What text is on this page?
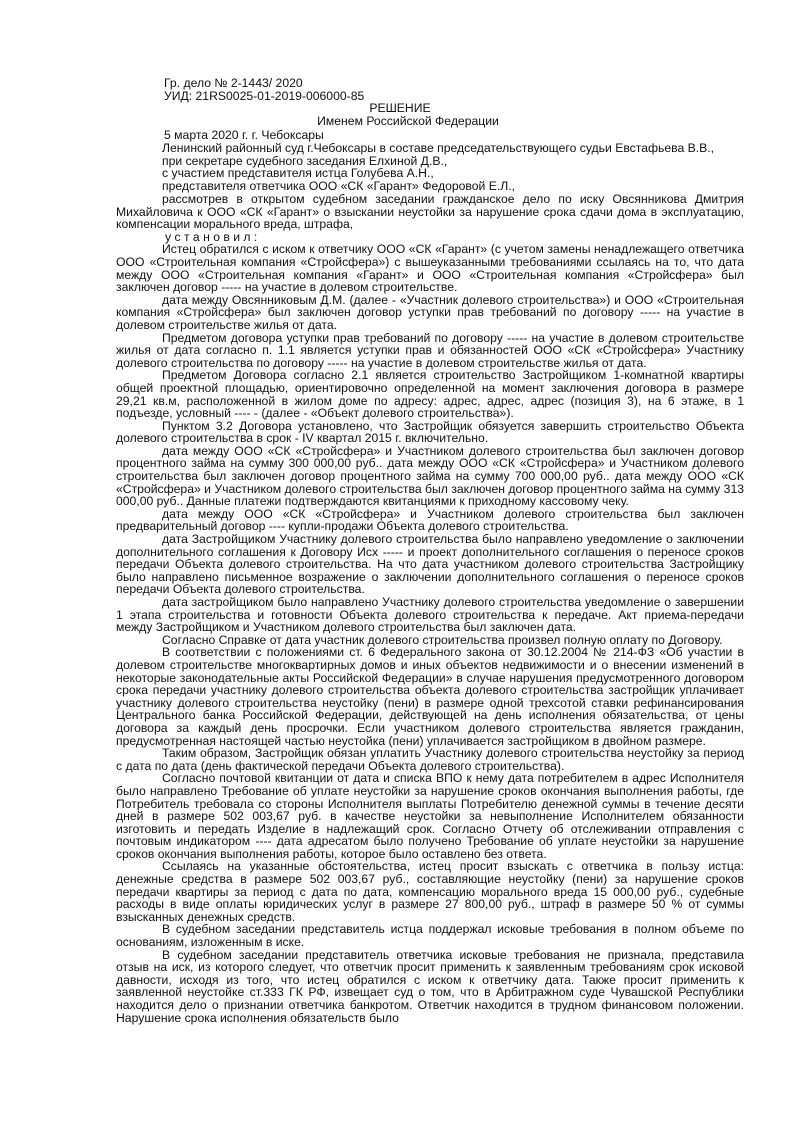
Гр. дело № 2-1443/ 2020
УИД: 21RS0025-01-2019-006000-85
РЕШЕНИЕ
Именем Российской Федерации
5 марта 2020 г. г. Чебоксары
Ленинский районный суд г.Чебоксары в составе председательствующего судьи Евстафьева В.В.,
при секретаре судебного заседания Елхиной Д.В.,
с участием представителя истца Голубева А.Н.,
представителя ответчика ООО «СК «Гарант» Федоровой Е.Л.,

рассмотрев в открытом судебном заседании гражданское дело по иску Овсянникова Дмитрия Михайловича к ООО «СК «Гарант» о взыскании неустойки за нарушение срока сдачи дома в эксплуатацию, компенсации морального вреда, штрафа,

у с т а н о в и л :

Истец обратился с иском к ответчику ООО «СК «Гарант» (с учетом замены ненадлежащего ответчика ООО «Строительная компания «Стройсфера») с вышеуказанными требованиями ссылаясь на то, что дата между ООО «Строительная компания «Гарант» и ООО «Строительная компания «Стройсфера» был заключен договор ----- на участие в долевом строительстве.

дата между Овсянниковым Д.М. (далее - «Участник долевого строительства») и ООО «Строительная компания «Стройсфера» был заключен договор уступки прав требований по договору ----- на участие в долевом строительстве жилья от дата.

Предметом договора уступки прав требований по договору ----- на участие в долевом строительстве жилья от дата согласно п. 1.1 является уступки прав и обязанностей ООО «СК «Стройсфера» Участнику долевого строительства по договору ----- на участие в долевом строительстве жилья от дата.

Предметом Договора согласно 2.1 является строительство Застройщиком 1-комнатной квартиры общей проектной площадью, ориентировочно определенной на момент заключения договора в размере 29,21 кв.м, расположенной в жилом доме по адресу: адрес, адрес, адрес (позиция 3), на 6 этаже, в 1 подъезде, условный ---- - (далее - «Объект долевого строительства»).

Пунктом 3.2 Договора установлено, что Застройщик обязуется завершить строительство Объекта долевого строительства в срок - IV квартал 2015 г. включительно.

дата между ООО «СК «Стройсфера» и Участником долевого строительства был заключен договор процентного займа на сумму 300 000,00 руб.. дата между ООО «СК «Стройсфера» и Участником долевого строительства был заключен договор процентного займа на сумму 700 000,00 руб.. дата между ООО «СК «Стройсфера» и Участником долевого строительства был заключен договор процентного займа на сумму 313 000,00 руб.. Данные платежи подтверждаются квитанциями к приходному кассовому чеку.

дата между ООО «СК «Стройсфера» и Участником долевого строительства был заключен предварительный договор ---- купли-продажи Объекта долевого строительства.

дата Застройщиком Участнику долевого строительства было направлено уведомление о заключении дополнительного соглашения к Договору Исх ----- и проект дополнительного соглашения о переносе сроков передачи Объекта долевого строительства. На что дата участником долевого строительства Застройщику было направлено письменное возражение о заключении дополнительного соглашения о переносе сроков передачи Объекта долевого строительства.

дата застройщиком было направлено Участнику долевого строительства уведомление о завершении 1 этапа строительства и готовности Объекта долевого строительства к передаче. Акт приема-передачи между Застройщиком и Участником долевого строительства был заключен дата.

Согласно Справке от дата участник долевого строительства произвел полную оплату по Договору.

В соответствии с положениями ст. 6 Федерального закона от 30.12.2004 № 214-ФЗ «Об участии в долевом строительстве многоквартирных домов и иных объектов недвижимости и о внесении изменений в некоторые законодательные акты Российской Федерации» в случае нарушения предусмотренного договором срока передачи участнику долевого строительства объекта долевого строительства застройщик уплачивает участнику долевого строительства неустойку (пени) в размере одной трехсотой ставки рефинансирования Центрального банка Российской Федерации, действующей на день исполнения обязательства, от цены договора за каждый день просрочки. Если участником долевого строительства является гражданин, предусмотренная настоящей частью неустойка (пени) уплачивается застройщиком в двойном размере.

Таким образом, Застройщик обязан уплатить Участнику долевого строительства неустойку за период с дата по дата (день фактической передачи Объекта долевого строительства).

Согласно почтовой квитанции от дата и списка ВПО к нему дата потребителем в адрес Исполнителя было направлено Требование об уплате неустойки за нарушение сроков окончания выполнения работы, где Потребитель требовала со стороны Исполнителя выплаты Потребителю денежной суммы в течение десяти дней в размере 502 003,67 руб. в качестве неустойки за невыполнение Исполнителем обязанности изготовить и передать Изделие в надлежащий срок. Согласно Отчету об отслеживании отправления с почтовым индикатором ---- дата адресатом было получено Требование об уплате неустойки за нарушение сроков окончания выполнения работы, которое было оставлено без ответа.

Ссылаясь на указанные обстоятельства, истец просит взыскать с ответчика в пользу истца: денежные средства в размере 502 003,67 руб., составляющие неустойку (пени) за нарушение сроков передачи квартиры за период с дата по дата, компенсацию морального вреда 15 000,00 руб., судебные расходы в виде оплаты юридических услуг в размере 27 800,00 руб., штраф в размере 50 % от суммы взысканных денежных средств.

В судебном заседании представитель истца поддержал исковые требования в полном объеме по основаниям, изложенным в иске.

В судебном заседании представитель ответчика исковые требования не признала, представила отзыв на иск, из которого следует, что ответчик просит применить к заявленным требованиям срок исковой давности, исходя из того, что истец обратился с иском к ответчику дата. Также просит применить к заявленной неустойке ст.333 ГК РФ, извещает суд о том, что в Арбитражном суде Чувашской Республики находится дело о признании ответчика банкротом. Ответчик находится в трудном финансовом положении. Нарушение срока исполнения обязательств было
